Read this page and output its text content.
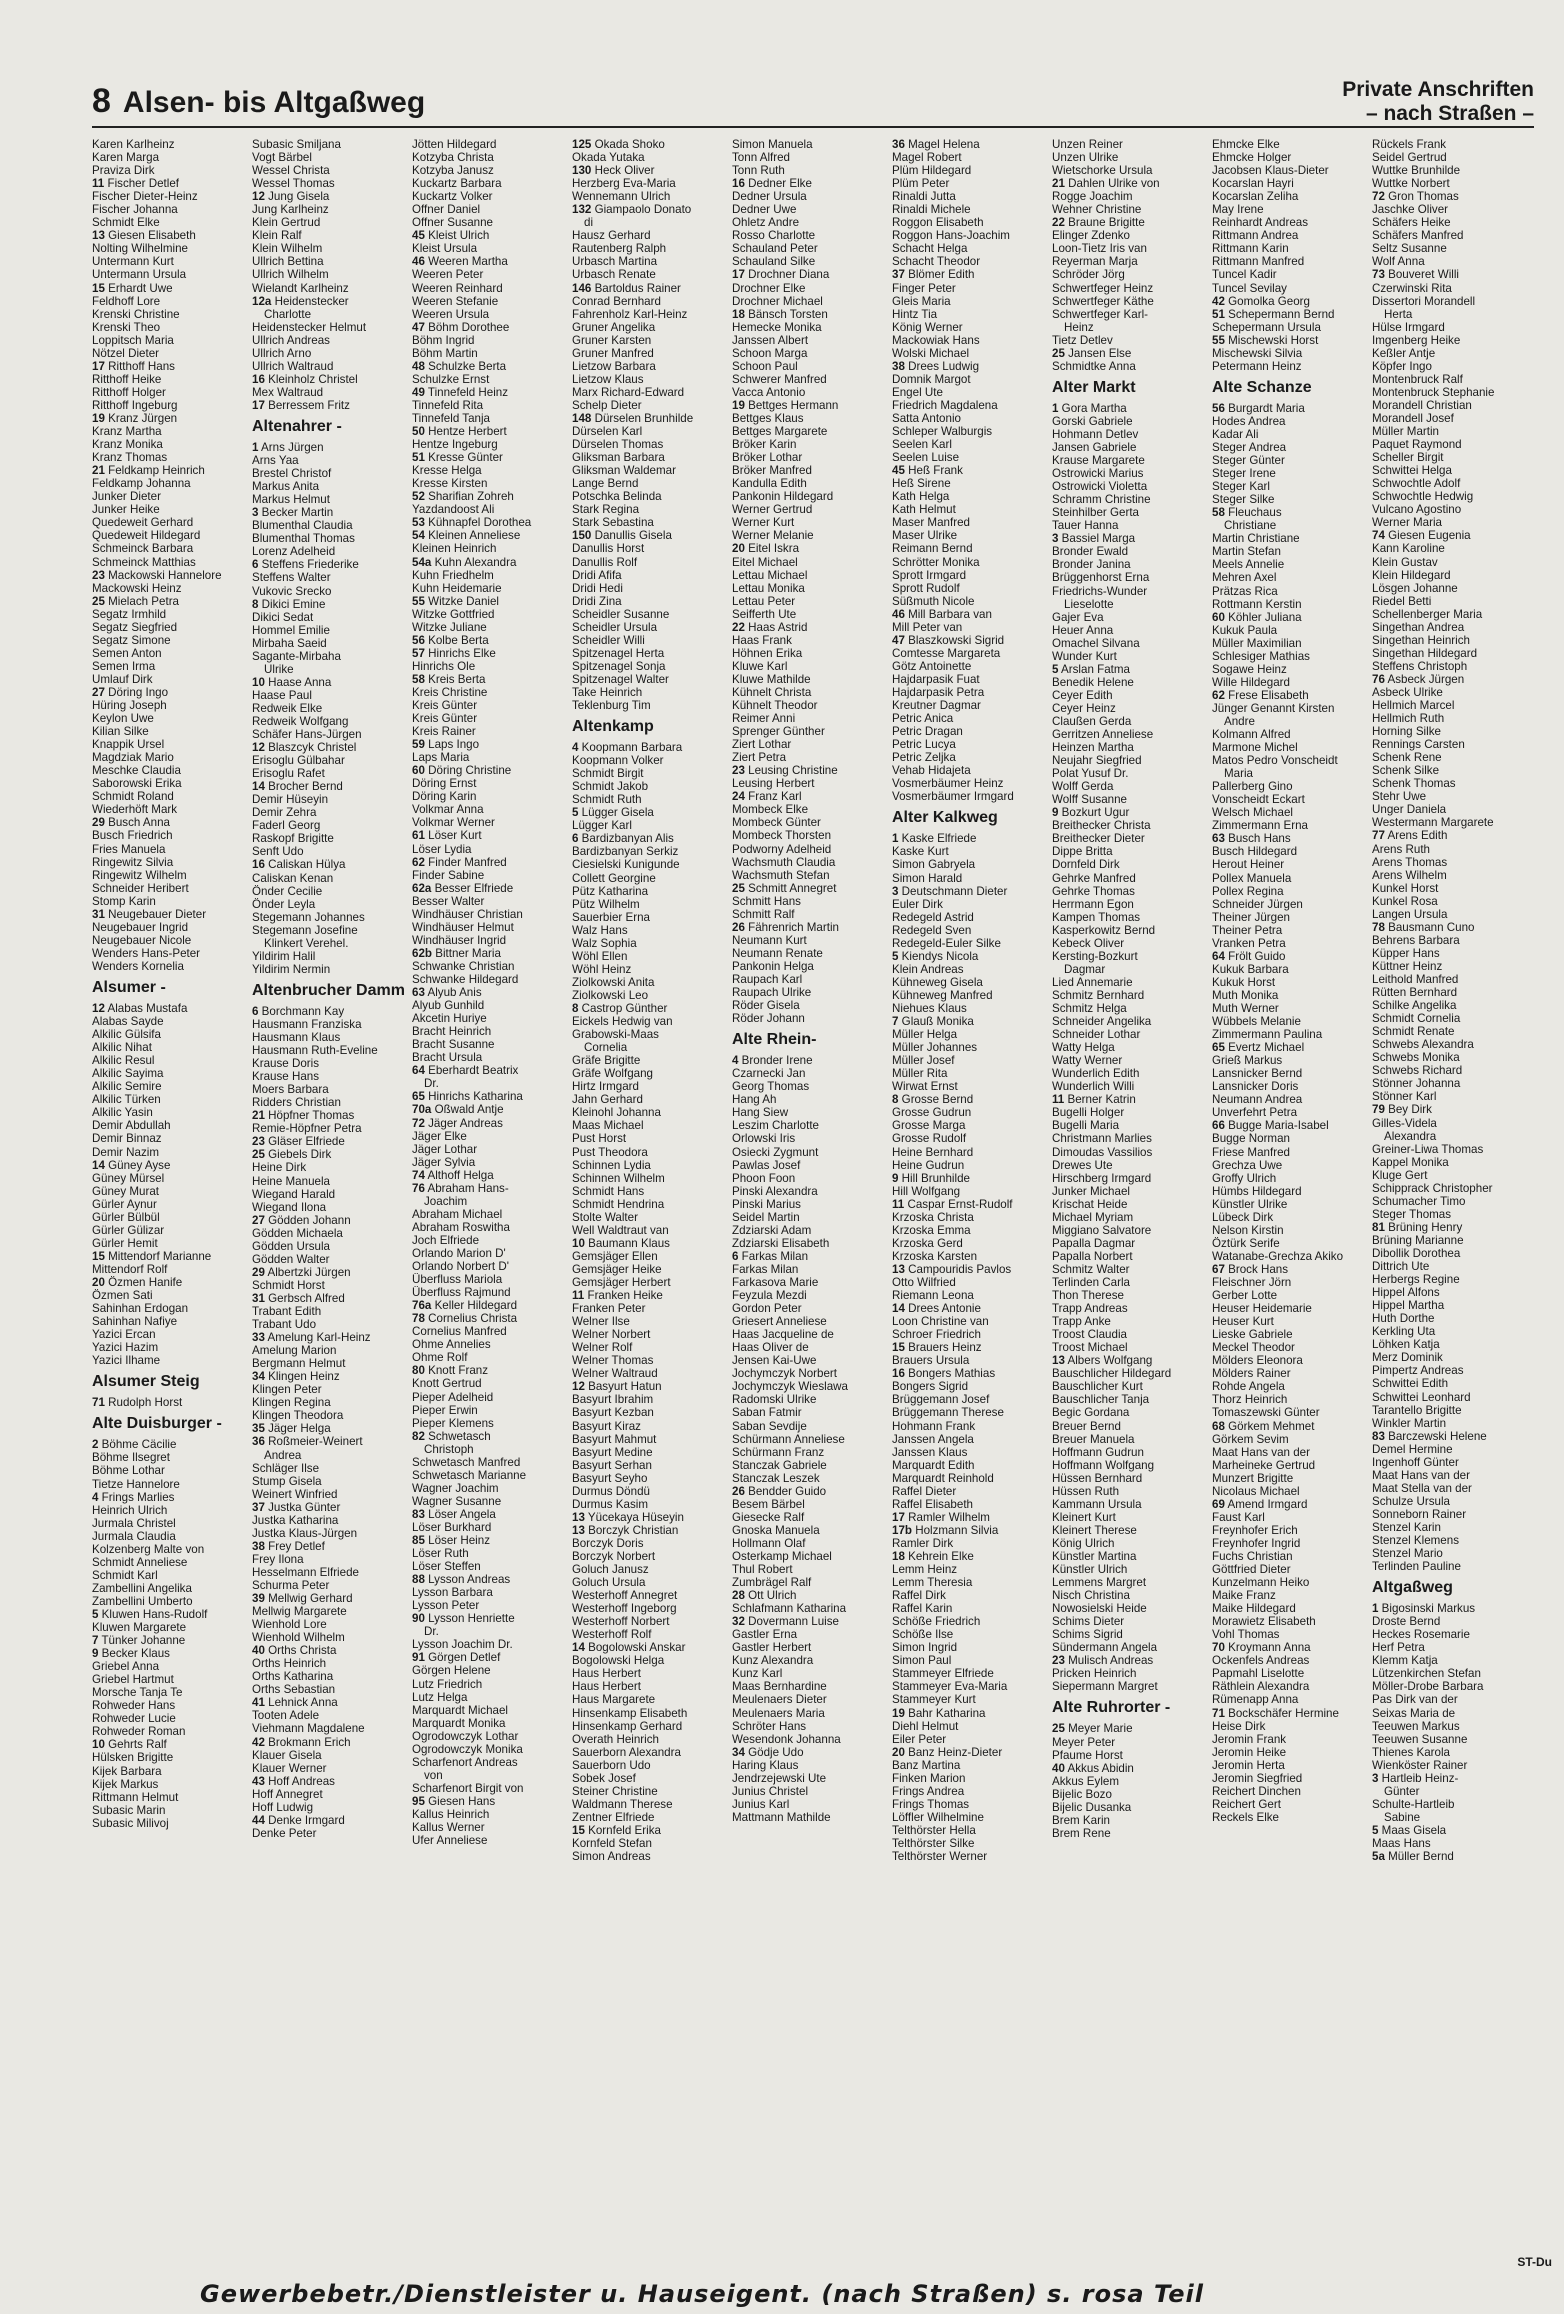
8 Alsen- bis Altgaßweg	Private Anschriften
– nach Straßen –
Karen Karlheinz
Karen Marga
Praviza Dirk
11 Fischer Detlef
Fischer Dieter-Heinz
Fischer Johanna
Schmidt Elke
13 Giesen Elisabeth
Nolting Wilhelmine
Untermann Kurt
Untermann Ursula
15 Erhardt Uwe
Feldhoff Lore
Krenski Christine
Krenski Theo
Loppitsch Maria
Nötzel Dieter
17 Ritthoff Hans
Ritthoff Heike
Ritthoff Holger
Ritthoff Ingeburg
19 Kranz Jürgen
Kranz Martha
Kranz Monika
Kranz Thomas
21 Feldkamp Heinrich
Feldkamp Johanna
Junker Dieter
Junker Heike
Quedeweit Gerhard
Quedeweit Hildegard
Schmeinck Barbara
Schmeinck Matthias
23 Mackowski Hannelore
Mackowski Heinz
25 Mielach Petra
Segatz Irmhild
Segatz Siegfried
Segatz Simone
Semen Anton
Semen Irma
Umlauf Dirk
27 Döring Ingo
Hüring Joseph
Keylon Uwe
Kilian Silke
Knappik Ursel
Magdziak Mario
Meschke Claudia
Saborowski Erika
Schmidt Roland
Wiederhöft Mark
29 Busch Anna
Busch Friedrich
Fries Manuela
Ringewitz Silvia
Ringewitz Wilhelm
Schneider Heribert
Stomp Karin
31 Neugebauer Dieter
Neugebauer Ingrid
Neugebauer Nicole
Wenders Hans-Peter
Wenders Kornelia
Alsumer -
12 Alabas Mustafa
Alabas Sayde
Alkilic Gülsifa
Alkilic Nihat
Alkilic Resul
Alkilic Sayima
Alkilic Semire
Alkilic Türken
Alkilic Yasin
Demir Abdullah
Demir Binnaz
Demir Nazim
14 Güney Ayse
Güney Mürsel
Güney Murat
Gürler Aynur
Gürler Bülbül
Gürler Gülizar
Gürler Hemit
15 Mittendorf Marianne
Mittendorf Rolf
20 Özmen Hanife
Özmen Sati
Sahinhan Erdogan
Sahinhan Nafiye
Yazici Ercan
Yazici Hazim
Yazici Ilhame
Alsumer Steig
71 Rudolph Horst
Alte Duisburger -
2 Böhme Cäcilie
Böhme Ilsegret
Böhme Lothar
Tietze Hannelore
4 Frings Marlies
Heinrich Ulrich
Jurmala Christel
Jurmala Claudia
Kolzenberg Malte von
Schmidt Anneliese
Schmidt Karl
Zambellini Angelika
Zambellini Umberto
5 Kluwen Hans-Rudolf
Kluwen Margarete
7 Tünker Johanne
9 Becker Klaus
Griebel Anna
Griebel Hartmut
Morsche Tanja Te
Rohweder Hans
Rohweder Lucie
Rohweder Roman
10 Gehrts Ralf
Hülsken Brigitte
Kijek Barbara
Kijek Markus
Rittmann Helmut
Subasic Marin
Subasic Milivoj
Subasic Smiljana
Vogt Bärbel
Wessel Christa
Wessel Thomas
12 Jung Gisela
Jung Karlheinz
Klein Gertrud
Klein Ralf
Klein Wilhelm
Ullrich Bettina
Ullrich Wilhelm
Wielandt Karlheinz
12a Heidenstecker
Charlotte
Heidenstecker Helmut
Ullrich Andreas
Ullrich Arno
Ullrich Waltraud
16 Kleinholz Christel
Mex Waltraud
17 Berressem Fritz
Altenahrer -
1 Arns Jürgen
Arns Yaa
Brestel Christof
Markus Anita
Markus Helmut
3 Becker Martin
Blumenthal Claudia
Blumenthal Thomas
Lorenz Adelheid
6 Steffens Friederike
Steffens Walter
Vukovic Srecko
8 Dikici Emine
Dikici Sedat
Hommel Emilie
Mirbaha Saeid
Sagante-Mirbaha
Ulrike
10 Haase Anna
Haase Paul
Redweik Elke
Redweik Wolfgang
Schäfer Hans-Jürgen
12 Blaszcyk Christel
Erisoglu Gülbahar
Erisoglu Rafet
14 Brocher Bernd
Demir Hüseyin
Demir Zehra
Faderl Georg
Raskopf Brigitte
Senft Udo
16 Caliskan Hülya
Caliskan Kenan
Önder Cecilie
Önder Leyla
Stegemann Johannes
Stegemann Josefine
Klinkert Verehel.
Yildirim Halil
Yildirim Nermin
Altenbrucher Damm
6 Borchmann Kay
Hausmann Franziska
Hausmann Klaus
Hausmann Ruth-Eveline
Krause Doris
Krause Hans
Moers Barbara
Ridders Christian
21 Höpfner Thomas
Remie-Höpfner Petra
23 Gläser Elfriede
25 Giebels Dirk
Heine Dirk
Heine Manuela
Wiegand Harald
Wiegand Ilona
27 Gödden Johann
Gödden Michaela
Gödden Ursula
Gödden Walter
29 Albertzki Jürgen
Schmidt Horst
31 Gerbsch Alfred
Trabant Edith
Trabant Udo
33 Amelung Karl-Heinz
Amelung Marion
Bergmann Helmut
34 Klingen Heinz
Klingen Peter
Klingen Regina
Klingen Theodora
35 Jäger Helga
36 Roßmeier-Weinert
Andrea
Schläger Ilse
Stump Gisela
Weinert Winfried
37 Justka Günter
Justka Katharina
Justka Klaus-Jürgen
38 Frey Detlef
Frey Ilona
Hesselmann Elfriede
Schurma Peter
39 Mellwig Gerhard
Mellwig Margarete
Wienhold Lore
Wienhold Wilhelm
40 Orths Christa
Orths Heinrich
Orths Katharina
Orths Sebastian
41 Lehnick Anna
Tooten Adele
Viehmann Magdalene
42 Brokmann Erich
Klauer Gisela
Klauer Werner
43 Hoff Andreas
Hoff Annegret
Hoff Ludwig
44 Denke Irmgard
Denke Peter
Jötten Hildegard
Kotzyba Christa
Kotzyba Janusz
Kuckartz Barbara
Kuckartz Volker
Offner Daniel
Offner Susanne
45 Kleist Ulrich
Kleist Ursula
46 Weeren Martha
Weeren Peter
Weeren Reinhard
Weeren Stefanie
Weeren Ursula
47 Böhm Dorothee
Böhm Ingrid
Böhm Martin
48 Schulzke Berta
Schulzke Ernst
49 Tinnefeld Heinz
Tinnefeld Rita
Tinnefeld Tanja
50 Hentze Herbert
Hentze Ingeburg
51 Kresse Günter
Kresse Helga
Kresse Kirsten
52 Sharifian Zohreh
Yazdandoost Ali
53 Kühnapfel Dorothea
54 Kleinen Anneliese
Kleinen Heinrich
54a Kuhn Alexandra
Kuhn Friedhelm
Kuhn Heidemarie
55 Witzke Daniel
Witzke Gottfried
Witzke Juliane
56 Kolbe Berta
57 Hinrichs Elke
Hinrichs Ole
58 Kreis Berta
Kreis Christine
Kreis Günter
Kreis Günter
Kreis Rainer
59 Laps Ingo
Laps Maria
60 Döring Christine
Döring Ernst
Döring Karin
Volkmar Anna
Volkmar Werner
61 Löser Kurt
Löser Lydia
62 Finder Manfred
Finder Sabine
62a Besser Elfriede
Besser Walter
Windhäuser Christian
Windhäuser Helmut
Windhäuser Ingrid
62b Bittner Maria
Schwanke Christian
Schwanke Hildegard
63 Alyub Anis
Alyub Gunhild
Akcetin Huriye
Bracht Heinrich
Bracht Susanne
Bracht Ursula
64 Eberhardt Beatrix
Dr.
65 Hinrichs Katharina
70a Oßwald Antje
72 Jäger Andreas
Jäger Elke
Jäger Lothar
Jäger Sylvia
74 Althoff Helga
76 Abraham Hans-
Joachim
Abraham Michael
Abraham Roswitha
Joch Elfriede
Orlando Marion D'
Orlando Norbert D'
Überfluss Mariola
Überfluss Rajmund
76a Keller Hildegard
78 Cornelius Christa
Cornelius Manfred
Ohme Annelies
Ohme Rolf
80 Knott Franz
Knott Gertrud
Pieper Adelheid
Pieper Erwin
Pieper Klemens
82 Schwetasch
Christoph
Schwetasch Manfred
Schwetasch Marianne
Wagner Joachim
Wagner Susanne
83 Löser Angela
Löser Burkhard
85 Löser Heinz
Löser Ruth
Löser Steffen
88 Lysson Andreas
Lysson Barbara
Lysson Peter
90 Lysson Henriette
Dr.
Lysson Joachim Dr.
91 Görgen Detlef
Görgen Helene
Lutz Friedrich
Lutz Helga
Marquardt Michael
Marquardt Monika
Ogrodowczyk Lothar
Ogrodowczyk Monika
Scharfenort Andreas
von
Scharfenort Birgit von
95 Giesen Hans
Kallus Heinrich
Kallus Werner
Ufer Anneliese
125 Okada Shoko
Okada Yutaka
130 Heck Oliver
Herzberg Eva-Maria
Wennemann Ulrich
132 Giampaolo Donato
di
Hausz Gerhard
Rautenberg Ralph
Urbasch Martina
Urbasch Renate
146 Bartoldus Rainer
Conrad Bernhard
Fahrenholz Karl-Heinz
Gruner Angelika
Gruner Karsten
Gruner Manfred
Lietzow Barbara
Lietzow Klaus
Marx Richard-Edward
Schelp Dieter
148 Dürselen Brunhilde
Dürselen Karl
Dürselen Thomas
Gliksman Barbara
Gliksman Waldemar
Lange Bernd
Potschka Belinda
Stark Regina
Stark Sebastina
150 Danullis Gisela
Danullis Horst
Danullis Rolf
Dridi Afifa
Dridi Hedi
Dridi Zina
Scheidler Susanne
Scheidler Ursula
Scheidler Willi
Spitzenagel Herta
Spitzenagel Sonja
Spitzenagel Walter
Take Heinrich
Teklenburg Tim
Altenkamp
4 Koopmann Barbara
Koopmann Volker
Schmidt Birgit
Schmidt Jakob
Schmidt Ruth
5 Lügger Gisela
Lügger Karl
6 Bardizbanyan Alis
Bardizbanyan Serkiz
Ciesielski Kunigunde
Collett Georgine
Pütz Katharina
Pütz Wilhelm
Sauerbier Erna
Walz Hans
Walz Sophia
Wöhl Ellen
Wöhl Heinz
Ziolkowski Anita
Ziolkowski Leo
8 Castrop Günther
Eickels Hedwig van
Grabowski-Maas
Cornelia
Gräfe Brigitte
Gräfe Wolfgang
Hirtz Irmgard
Jahn Gerhard
Kleinohl Johanna
Maas Michael
Pust Horst
Pust Theodora
Schinnen Lydia
Schinnen Wilhelm
Schmidt Hans
Schmidt Hendrina
Stolte Walter
Well Waldtraut van
10 Baumann Klaus
Gemsjäger Ellen
Gemsjäger Heike
Gemsjäger Herbert
11 Franken Heike
Franken Peter
Welner Ilse
Welner Norbert
Welner Rolf
Welner Thomas
Welner Waltraud
12 Basyurt Hatun
Basyurt Ibrahim
Basyurt Kezban
Basyurt Kiraz
Basyurt Mahmut
Basyurt Medine
Basyurt Serhan
Basyurt Seyho
Durmus Döndü
Durmus Kasim
13 Yücekaya Hüseyin
13 Borczyk Christian
Borczyk Doris
Borczyk Norbert
Goluch Janusz
Goluch Ursula
Westerhoff Annegret
Westerhoff Ingeborg
Westerhoff Norbert
Westerhoff Rolf
14 Bogolowski Anskar
Bogolowski Helga
Haus Herbert
Haus Herbert
Haus Margarete
Hinsenkamp Elisabeth
Hinsenkamp Gerhard
Overath Heinrich
Sauerborn Alexandra
Sauerborn Udo
Sobek Josef
Steiner Christine
Waldmann Therese
Zentner Elfriede
15 Kornfeld Erika
Kornfeld Stefan
Simon Andreas
Simon Manuela
Tonn Alfred
Tonn Ruth
16 Dedner Elke
Dedner Ursula
Dedner Uwe
Ohletz Andre
Rosso Charlotte
Schauland Peter
Schauland Silke
17 Drochner Diana
Drochner Elke
Drochner Michael
18 Bänsch Torsten
Hemecke Monika
Janssen Albert
Schoon Marga
Schoon Paul
Schwerer Manfred
Vacca Antonio
19 Bettges Hermann
Bettges Klaus
Bettges Margarete
Bröker Karin
Bröker Lothar
Bröker Manfred
Kandulla Edith
Pankonin Hildegard
Werner Gertrud
Werner Kurt
Werner Melanie
20 Eitel Iskra
Eitel Michael
Lettau Michael
Lettau Monika
Lettau Peter
Seifferth Ute
22 Haas Astrid
Haas Frank
Höhnen Erika
Kluwe Karl
Kluwe Mathilde
Kühnelt Christa
Kühnelt Theodor
Reimer Anni
Sprenger Günther
Ziert Lothar
Ziert Petra
23 Leusing Christine
Leusing Herbert
24 Franz Karl
Mombeck Elke
Mombeck Günter
Mombeck Thorsten
Podworny Adelheid
Wachsmuth Claudia
Wachsmuth Stefan
25 Schmitt Annegret
Schmitt Hans
Schmitt Ralf
26 Fährenrich Martin
Neumann Kurt
Neumann Renate
Pankonin Helga
Raupach Karl
Raupach Ulrike
Röder Gisela
Röder Johann
Alte Rhein-
4 Bronder Irene
Czarnecki Jan
Georg Thomas
Hang Ah
Hang Siew
Leszim Charlotte
Orlowski Iris
Osiecki Zygmunt
Pawlas Josef
Phoon Foon
Pinski Alexandra
Pinski Marius
Seidel Martin
Zdziarski Adam
Zdziarski Elisabeth
6 Farkas Milan
Farkas Milan
Farkasova Marie
Feyzula Mezdi
Gordon Peter
Griesert Anneliese
Haas Jacqueline de
Haas Oliver de
Jensen Kai-Uwe
Jochymczyk Norbert
Jochymczyk Wieslawa
Radomski Ulrike
Saban Fatmir
Saban Sevdije
Schürmann Anneliese
Schürmann Franz
Stanczak Gabriele
Stanczak Leszek
26 Bendder Guido
Besem Bärbel
Giesecke Ralf
Gnoska Manuela
Hollmann Olaf
Osterkamp Michael
Thul Robert
Zumbrägel Ralf
28 Ott Ulrich
Schlafmann Katharina
32 Dovermann Luise
Gastler Erna
Gastler Herbert
Kunz Alexandra
Kunz Karl
Maas Bernhardine
Meulenaers Dieter
Meulenaers Maria
Schröter Hans
Wesendonk Johanna
34 Gödje Udo
Haring Klaus
Jendrzejewski Ute
Junius Christel
Junius Karl
Mattmann Mathilde
36 Magel Helena
Magel Robert
Plüm Hildegard
Plüm Peter
Rinaldi Jutta
Rinaldi Michele
Roggon Elisabeth
Roggon Hans-Joachim
Schacht Helga
Schacht Theodor
37 Blömer Edith
Finger Peter
Gleis Maria
Hintz Tia
König Werner
Mackowiak Hans
Wolski Michael
38 Drees Ludwig
Domnik Margot
Engel Ute
Friedrich Magdalena
Satta Antonio
Schleper Walburgis
Seelen Karl
Seelen Luise
45 Heß Frank
Heß Sirene
Kath Helga
Kath Helmut
Maser Manfred
Maser Ulrike
Reimann Bernd
Schrötter Monika
Sprott Irmgard
Sprott Rudolf
Süßmuth Nicole
46 Mill Barbara van
Mill Peter van
47 Blaszkowski Sigrid
Comtesse Margareta
Götz Antoinette
Hajdarpasik Fuat
Hajdarpasik Petra
Kreutner Dagmar
Petric Anica
Petric Dragan
Petric Lucya
Petric Zeljka
Vehab Hidajeta
Vosmerbäumer Heinz
Vosmerbäumer Irmgard
Alter Kalkweg
1 Kaske Elfriede
Kaske Kurt
Simon Gabryela
Simon Harald
3 Deutschmann Dieter
Euler Dirk
Redegeld Astrid
Redegeld Sven
Redegeld-Euler Silke
5 Kiendys Nicola
Klein Andreas
Kühneweg Gisela
Kühneweg Manfred
Niehues Klaus
7 Glauß Monika
Müller Helga
Müller Johannes
Müller Josef
Müller Rita
Wirwat Ernst
8 Grosse Bernd
Grosse Gudrun
Grosse Marga
Grosse Rudolf
Heine Bernhard
Heine Gudrun
9 Hill Brunhilde
Hill Wolfgang
11 Caspar Ernst-Rudolf
Krzoska Christa
Krzoska Emma
Krzoska Gerd
Krzoska Karsten
13 Campouridis Pavlos
Otto Wilfried
Riemann Leona
14 Drees Antonie
Loon Christine van
Schroer Friedrich
15 Brauers Heinz
Brauers Ursula
16 Bongers Mathias
Bongers Sigrid
Brüggemann Josef
Brüggemann Therese
Hohmann Frank
Janssen Angela
Janssen Klaus
Marquardt Edith
Marquardt Reinhold
Raffel Dieter
Raffel Elisabeth
17 Ramler Wilhelm
17b Holzmann Silvia
Ramler Dirk
18 Kehrein Elke
Lemm Heinz
Lemm Theresia
Raffel Dirk
Raffel Karin
Schöße Friedrich
Schöße Ilse
Simon Ingrid
Simon Paul
Stammeyer Elfriede
Stammeyer Eva-Maria
Stammeyer Kurt
19 Bahr Katharina
Diehl Helmut
Eiler Peter
20 Banz Heinz-Dieter
Banz Martina
Finken Marion
Frings Andrea
Frings Thomas
Löffler Wilhelmine
Telthörster Hella
Telthörster Silke
Telthörster Werner
Unzen Reiner
Unzen Ulrike
Wietschorke Ursula
21 Dahlen Ulrike von
Rogge Joachim
Wehner Christine
22 Braune Brigitte
Elinger Zdenko
Loon-Tietz Iris van
Reyerman Marja
Schröder Jörg
Schwertfeger Heinz
Schwertfeger Käthe
Schwertfeger Karl-
Heinz
Tietz Detlev
25 Jansen Else
Schmidtke Anna
Alter Markt
1 Gora Martha
Gorski Gabriele
Hohmann Detlev
Jansen Gabriele
Krause Margarete
Ostrowicki Marius
Ostrowicki Violetta
Schramm Christine
Steinhilber Gerta
Tauer Hanna
3 Bassiel Marga
Bronder Ewald
Bronder Janina
Brüggenhorst Erna
Friedrichs-Wunder
Lieselotte
Gajer Eva
Heuer Anna
Omachel Silvana
Wunder Kurt
5 Arslan Fatma
Benedik Helene
Ceyer Edith
Ceyer Heinz
Claußen Gerda
Gerritzen Anneliese
Heinzen Martha
Neujahr Siegfried
Polat Yusuf Dr.
Wolff Gerda
Wolff Susanne
9 Bozkurt Ugur
Breithecker Christa
Breithecker Dieter
Dippe Britta
Dornfeld Dirk
Gehrke Manfred
Gehrke Thomas
Herrmann Egon
Kampen Thomas
Kasperkowitz Bernd
Kebeck Oliver
Kersting-Bozkurt
Dagmar
Lied Annemarie
Schmitz Bernhard
Schmitz Helga
Schneider Angelika
Schneider Lothar
Watty Helga
Watty Werner
Wunderlich Edith
Wunderlich Willi
11 Berner Katrin
Bugelli Holger
Bugelli Maria
Christmann Marlies
Dimoudas Vassilios
Drewes Ute
Hirschberg Irmgard
Junker Michael
Krischat Heide
Michael Myriam
Miggiano Salvatore
Papalla Dagmar
Papalla Norbert
Schmitz Walter
Terlinden Carla
Thon Therese
Trapp Andreas
Trapp Anke
Troost Claudia
Troost Michael
13 Albers Wolfgang
Bauschlicher Hildegard
Bauschlicher Kurt
Bauschlicher Tanja
Begic Gordana
Breuer Bernd
Breuer Manuela
Hoffmann Gudrun
Hoffmann Wolfgang
Hüssen Bernhard
Hüssen Ruth
Kammann Ursula
Kleinert Kurt
Kleinert Therese
König Ulrich
Künstler Martina
Künstler Ulrich
Lemmens Margret
Nisch Christina
Nowosielski Heide
Schims Dieter
Schims Sigrid
Sündermann Angela
23 Mulisch Andreas
Pricken Heinrich
Siepermann Margret
Alte Ruhrorter -
25 Meyer Marie
Meyer Peter
Pfaume Horst
40 Akkus Abidin
Akkus Eylem
Bijelic Bozo
Bijelic Dusanka
Brem Karin
Brem Rene
Ehmcke Elke
Ehmcke Holger
Jacobsen Klaus-Dieter
Kocarslan Hayri
Kocarslan Zeliha
May Irene
Reinhardt Andreas
Rittmann Andrea
Rittmann Karin
Rittmann Manfred
Tuncel Kadir
Tuncel Sevilay
42 Gomolka Georg
51 Schepermann Bernd
Schepermann Ursula
55 Mischewski Horst
Mischewski Silvia
Petermann Heinz
Alte Schanze
56 Burgardt Maria
Hodes Andrea
Kadar Ali
Steger Andrea
Steger Günter
Steger Irene
Steger Karl
Steger Silke
58 Fleuchaus
Christiane
Martin Christiane
Martin Stefan
Meels Annelie
Mehren Axel
Prätzas Rica
Rottmann Kerstin
60 Köhler Juliana
Kukuk Paula
Müller Maximilian
Schlesiger Mathias
Sogawe Heinz
Wille Hildegard
62 Frese Elisabeth
Jünger Genannt Kirsten
Andre
Kolmann Alfred
Marmone Michel
Matos Pedro Vonscheidt
Maria
Pallerberg Gino
Vonscheidt Eckart
Welsch Michael
Zimmermann Erna
63 Busch Hans
Busch Hildegard
Herout Heiner
Pollex Manuela
Pollex Regina
Schneider Jürgen
Theiner Jürgen
Theiner Petra
Vranken Petra
64 Frölt Guido
Kukuk Barbara
Kukuk Horst
Muth Monika
Muth Werner
Wübbels Melanie
Zimmermann Paulina
65 Evertz Michael
Grieß Markus
Lansnicker Bernd
Lansnicker Doris
Neumann Andrea
Unverfehrt Petra
66 Bugge Maria-Isabel
Bugge Norman
Friese Manfred
Grechza Uwe
Groffy Ulrich
Hümbs Hildegard
Künstler Ulrike
Lübeck Dirk
Nelson Kirstin
Öztürk Serife
Watanabe-Grechza Akiko
67 Brock Hans
Fleischner Jörn
Gerber Lotte
Heuser Heidemarie
Heuser Kurt
Lieske Gabriele
Meckel Theodor
Mölders Eleonora
Mölders Rainer
Rohde Angela
Thorz Heinrich
Tomaszewski Günter
68 Görkem Mehmet
Görkem Sevim
Maat Hans van der
Marheineke Gertrud
Munzert Brigitte
Nicolaus Michael
69 Amend Irmgard
Faust Karl
Freynhofer Erich
Freynhofer Ingrid
Fuchs Christian
Göttfried Dieter
Kunzelmann Heiko
Maike Franz
Maike Hildegard
Morawietz Elisabeth
Vohl Thomas
70 Kroymann Anna
Ockenfels Andreas
Papmahl Liselotte
Räthlein Alexandra
Rümenapp Anna
71 Bockschäfer Hermine
Heise Dirk
Jeromin Frank
Jeromin Heike
Jeromin Herta
Jeromin Siegfried
Reichert Dinchen
Reichert Gert
Reckels Elke
Rückels Frank
Seidel Gertrud
Wuttke Brunhilde
Wuttke Norbert
72 Gron Thomas
Jaschke Oliver
Schäfers Heike
Schäfers Manfred
Seltz Susanne
Wolf Anna
73 Bouveret Willi
Czerwinski Rita
Dissertori Morandell
Herta
Hülse Irmgard
Imgenberg Heike
Keßler Antje
Köpfer Ingo
Montenbruck Ralf
Montenbruck Stephanie
Morandell Christian
Morandell Josef
Müller Martin
Paquet Raymond
Scheller Birgit
Schwittei Helga
Schwochtle Adolf
Schwochtle Hedwig
Vulcano Agostino
Werner Maria
74 Giesen Eugenia
Kann Karoline
Klein Gustav
Klein Hildegard
Lösgen Johanne
Riedel Betti
Schellenberger Maria
Singethan Andrea
Singethan Heinrich
Singethan Hildegard
Steffens Christoph
76 Asbeck Jürgen
Asbeck Ulrike
Hellmich Marcel
Hellmich Ruth
Horning Silke
Rennings Carsten
Schenk Rene
Schenk Silke
Schenk Thomas
Stehr Uwe
Unger Daniela
Westermann Margarete
77 Arens Edith
Arens Ruth
Arens Thomas
Arens Wilhelm
Kunkel Horst
Kunkel Rosa
Langen Ursula
78 Bausmann Cuno
Behrens Barbara
Küpper Hans
Küttner Heinz
Leithold Manfred
Rütten Bernhard
Schilke Angelika
Schmidt Cornelia
Schmidt Renate
Schwebs Alexandra
Schwebs Monika
Schwebs Richard
Stönner Johanna
Stönner Karl
79 Bey Dirk
Gilles-Videla
Alexandra
Greiner-Liwa Thomas
Kappel Monika
Kluge Gert
Schipprack Christopher
Schumacher Timo
Steger Thomas
81 Brüning Henry
Brüning Marianne
Dibollik Dorothea
Dittrich Ute
Herbergs Regine
Hippel Alfons
Hippel Martha
Huth Dorthe
Kerkling Uta
Löhken Katja
Merz Dominik
Pimpertz Andreas
Schwittei Edith
Schwittei Leonhard
Tarantello Brigitte
Winkler Martin
83 Barczewski Helene
Demel Hermine
Ingenhoff Günter
Maat Hans van der
Maat Stella van der
Schulze Ursula
Sonneborn Rainer
Stenzel Karin
Stenzel Klemens
Stenzel Mario
Terlinden Pauline
Altgaßweg
1 Bigosinski Markus
Droste Bernd
Heckes Rosemarie
Herf Petra
Klemm Katja
Lützenkirchen Stefan
Möller-Drobe Barbara
Pas Dirk van der
Seixas Maria de
Teeuwen Markus
Teeuwen Susanne
Thienes Karola
Wienköster Rainer
3 Hartleib Heinz-
Günter
Schulte-Hartleib
Sabine
5 Maas Gisela
Maas Hans
5a Müller Bernd
Gewerbebetr./Dienstleister u. Hauseigent. (nach Straßen) s. rosa Teil
ST-Du
